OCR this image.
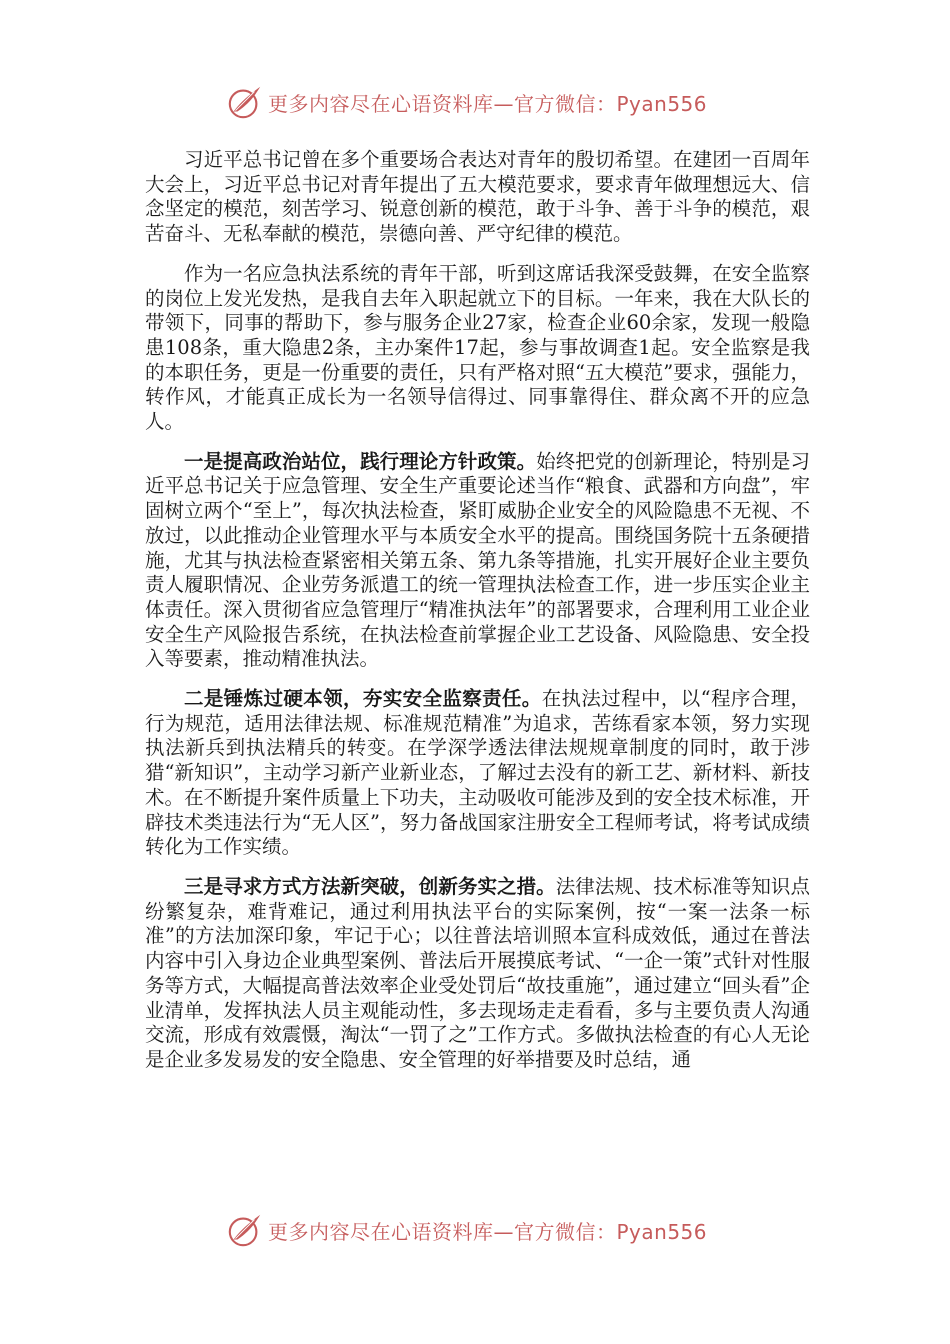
更多内容尽在心语资料库—官方微信：Pyan556

习近平总书记曾在多个重要场合表达对青年的殷切希望。在建团一百周年大会上，习近平总书记对青年提出了五大模范要求，要求青年做理想远大、信念坚定的模范，刻苦学习、锐意创新的模范，敢于斗争、善于斗争的模范，艰苦奋斗、无私奉献的模范，崇德向善、严守纪律的模范。

作为一名应急执法系统的青年干部，听到这席话我深受鼓舞，在安全监察的岗位上发光发热，是我自去年入职起就立下的目标。一年来，我在大队长的带领下，同事的帮助下，参与服务企业27家，检查企业60余家，发现一般隐患108条，重大隐患2条，主办案件17起，参与事故调查1起。安全监察是我的本职任务，更是一份重要的责任，只有严格对照“五大模范”要求，强能力，转作风，才能真正成长为一名领导信得过、同事靠得住、群众离不开的应急人。

一是提高政治站位，践行理论方针政策。始终把党的创新理论，特别是习近平总书记关于应急管理、安全生产重要论述当作“粮食、武器和方向盘”，牢固树立两个“至上”，每次执法检查，紧盯威胁企业安全的风险隐患不无视、不放过，以此推动企业管理水平与本质安全水平的提高。围绕国务院十五条硬措施，尤其与执法检查紧密相关第五条、第九条等措施，扎实开展好企业主要负责人履职情况、企业劳务派遣工的统一管理执法检查工作，进一步压实企业主体责任。深入贯彻省应急管理厅“精准执法年”的部署要求，合理利用工业企业安全生产风险报告系统，在执法检查前掌握企业工艺设备、风险隐患、安全投入等要素，推动精准执法。

二是锤炼过硬本领，夯实安全监察责任。在执法过程中，以“程序合理，行为规范，适用法律法规、标准规范精准”为追求，苦练看家本领，努力实现执法新兵到执法精兵的转变。在学深学透法律法规规章制度的同时，敢于涉猎“新知识”，主动学习新产业新业态，了解过去没有的新工艺、新材料、新技术。在不断提升案件质量上下功夫，主动吸收可能涉及到的安全技术标准，开辟技术类违法行为“无人区”，努力备战国家注册安全工程师考试，将考试成绩转化为工作实绩。

三是寻求方式方法新突破，创新务实之措。法律法规、技术标准等知识点纷繁复杂，难背难记，通过利用执法平台的实际案例，按“一案一法条一标准”的方法加深印象，牢记于心；以往普法培训照本宣科成效低，通过在普法内容中引入身边企业典型案例、普法后开展摸底考试、“一企一策”式针对性服务等方式，大幅提高普法效率企业受处罚后“故技重施”，通过建立“回头看”企业清单，发挥执法人员主观能动性，多去现场走走看看，多与主要负责人沟通交流，形成有效震慑，淘汰“一罚了之”工作方式。多做执法检查的有心人无论是企业多发易发的安全隐患、安全管理的好举措要及时总结，通

更多内容尽在心语资料库—官方微信：Pyan556
